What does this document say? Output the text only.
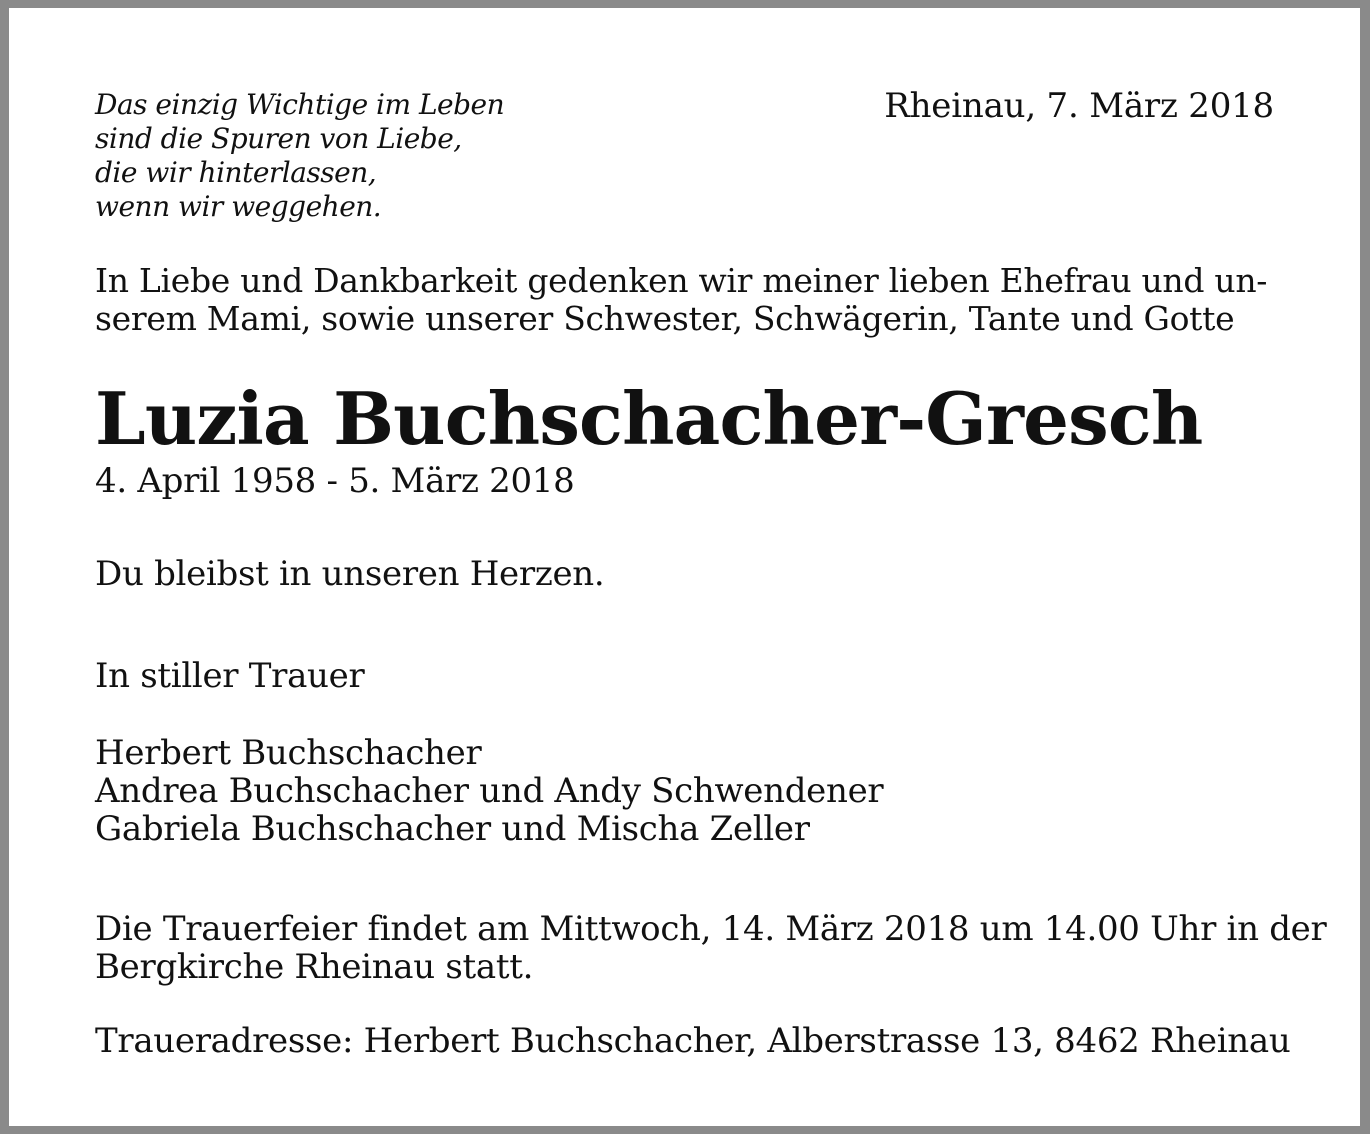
Das einzig Wichtige im Leben
sind die Spuren von Liebe,
die wir hinterlassen,
wenn wir weggehen.
Rheinau, 7. März 2018
In Liebe und Dankbarkeit gedenken wir meiner lieben Ehefrau und un-
serem Mami, sowie unserer Schwester, Schwägerin, Tante und Gotte
Luzia Buchschacher-Gresch
4. April 1958 - 5. März 2018
Du bleibst in unseren Herzen.
In stiller Trauer
Herbert Buchschacher
Andrea Buchschacher und Andy Schwendener
Gabriela Buchschacher und Mischa Zeller
Die Trauerfeier findet am Mittwoch, 14. März 2018 um 14.00 Uhr in der
Bergkirche Rheinau statt.
Traueradresse: Herbert Buchschacher, Alberstrasse 13, 8462 Rheinau
